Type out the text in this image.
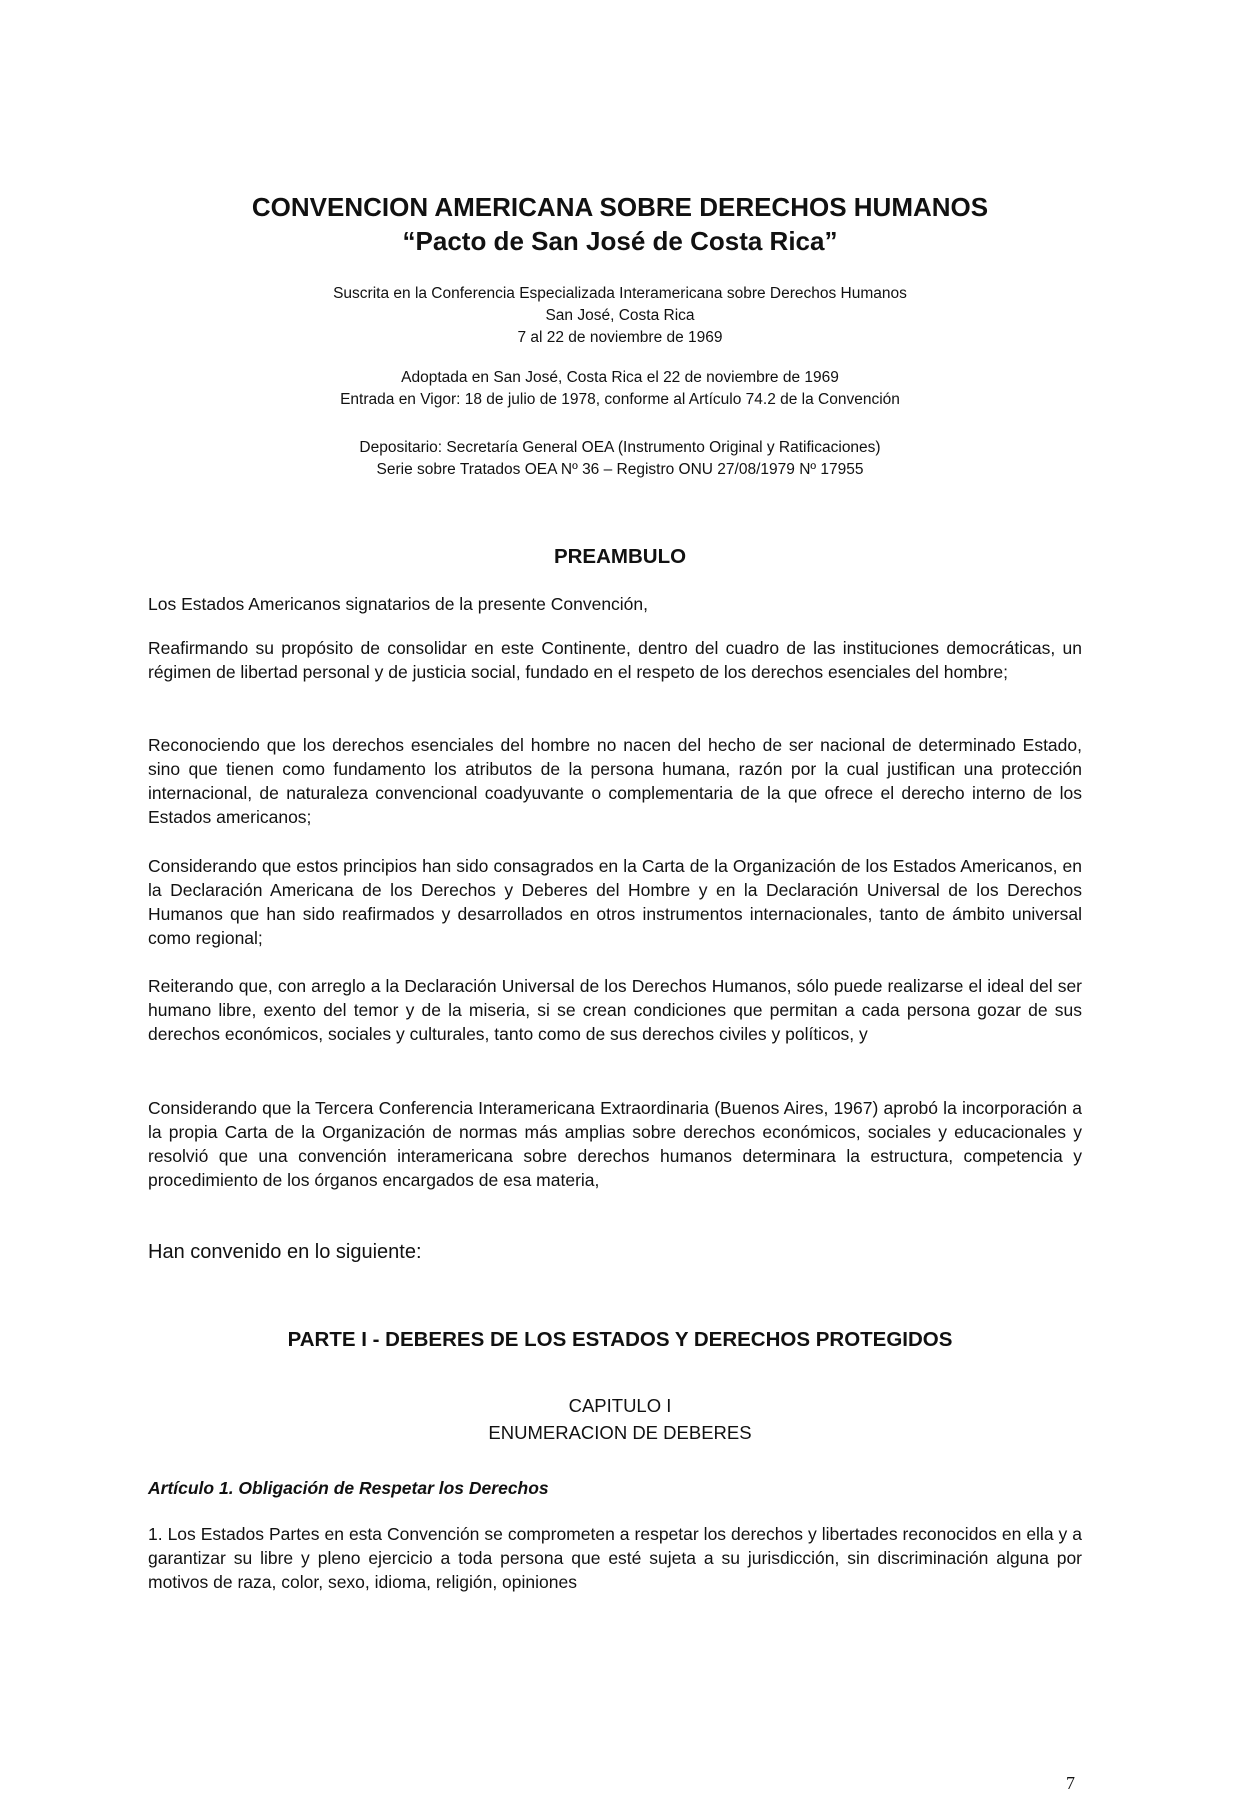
CONVENCION AMERICANA SOBRE DERECHOS HUMANOS
“Pacto de San José de Costa Rica”
Suscrita en la Conferencia Especializada Interamericana sobre Derechos Humanos
San José, Costa Rica
7 al 22 de noviembre de 1969
Adoptada en San José, Costa Rica el 22 de noviembre de 1969
Entrada en Vigor: 18 de julio de 1978, conforme al Artículo 74.2 de la Convención
Depositario: Secretaría General OEA (Instrumento Original y Ratificaciones)
Serie sobre Tratados OEA Nº 36 – Registro ONU 27/08/1979 Nº 17955
PREAMBULO
Los Estados Americanos signatarios de la presente Convención,
Reafirmando su propósito de consolidar en este Continente, dentro del cuadro de las instituciones democráticas, un régimen de libertad personal y de justicia social, fundado en el respeto de los derechos esenciales del hombre;
Reconociendo que los derechos esenciales del hombre no nacen del hecho de ser nacional de determinado Estado, sino que tienen como fundamento los atributos de la persona humana, razón por la cual justifican una protección internacional, de naturaleza convencional coadyuvante o complementaria de la que ofrece el derecho interno de los Estados americanos;
Considerando que estos principios han sido consagrados en la Carta de la Organización de los Estados Americanos, en la Declaración Americana de los Derechos y Deberes del Hombre y en la Declaración Universal de los Derechos Humanos que han sido reafirmados y desarrollados en otros instrumentos internacionales, tanto de ámbito universal como regional;
Reiterando que, con arreglo a la Declaración Universal de los Derechos Humanos, sólo puede realizarse el ideal del ser humano libre, exento del temor y de la miseria, si se crean condiciones que permitan a cada persona gozar de sus derechos económicos, sociales y culturales, tanto como de sus derechos civiles y políticos, y
Considerando que la Tercera Conferencia Interamericana Extraordinaria (Buenos Aires, 1967) aprobó la incorporación a la propia Carta de la Organización de normas más amplias sobre derechos económicos, sociales y educacionales y resolvió que una convención interamericana sobre derechos humanos determinara la estructura, competencia y procedimiento de los órganos encargados de esa materia,
Han convenido en lo siguiente:
PARTE I - DEBERES DE LOS ESTADOS Y DERECHOS PROTEGIDOS
CAPITULO I
ENUMERACION DE DEBERES
Artículo 1. Obligación de Respetar los Derechos
1. Los Estados Partes en esta Convención se comprometen a respetar los derechos y libertades reconocidos en ella y a garantizar su libre y pleno ejercicio a toda persona que esté sujeta a su jurisdicción, sin discriminación alguna por motivos de raza, color, sexo, idioma, religión, opiniones
7
